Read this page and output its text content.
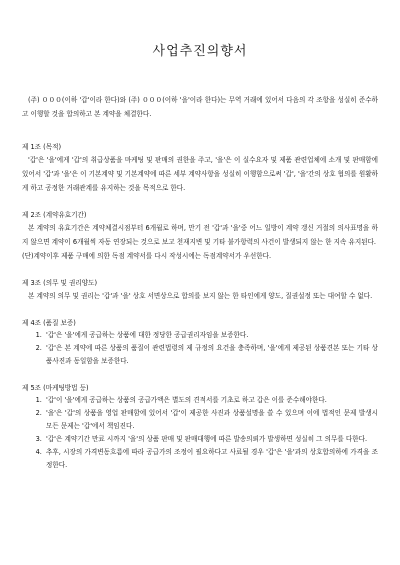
사업추진의향서

(주) ０００(이하 '갑'이라 한다)와 (주) ０００(이하 '을'이라 한다)는 무역 거래에 있어서 다음의 각 조항을 성실히 준수하고 이행할 것을 합의하고 본 계약을 체결한다.

제 1조 (목적)

'갑'은 '을'에게 '갑'의 취급상품을 마케팅 및 판매의 권한을 주고, '을'은 이 실수요자 및 제품 관련업체에 소개 및 판매함에 있어서 '갑'과 '을'은 이 기본계약 및 기본계약에 따른 세부 계약사항을 성실히 이행함으로써 '갑', '을'간의 상호 협의를 원활하게 하고 공정한 거래관계를 유지하는 것을 목적으로 한다.

제 2조 (계약유효기간)

본 계약의 유효기간은 계약체결시점부터 6개월로 하며, 만기 전 '갑'과 '을'중 어느 일방이 계약 갱신 거절의 의사표명을 하지 않으면 계약이 6개월씩 자동 연장되는 것으로 보고 천재지변 및 기타 불가항력의 사건이 발생되지 않는 한 지속 유지된다.

(단)계약이후 제품 구매에 의한 독점 계약서를 다시 작성시에는 독점계약서가 우선한다.

제 3조 (의무 및 권리양도)

본 계약의 의무 및 권리는 '갑'과 '을' 상호 서면상으로 합의를 보지 않는 한 타인에게 양도, 질권설정 또는 대여할 수 없다.

제 4조 (품질 보증)

1. '갑'은 '을'에게 공급하는 상품에 대한 정당한 공급권리자임을 보증한다.
2. '갑'은 본 계약에 따른 상품의 품질이 관련법령의 제 규정의 요건을 충족하며, '을'에게 제공된 상품견본 또는 기타 상품사진과 동일함을 보증한다.

제 5조 (마케팅방법 등)

1. '갑'이 '을'에게 공급하는 상품의 공급가액은 별도의 견적서를 기초로 하고 갑은 이를 준수해야한다.
2. '을'은 '갑'의 상품을 영업 판매함에 있어서 '갑'이 제공한 사진과 상품설명을 쓸 수 있으며 이에 법적인 문제 발생시 모든 문제는 '갑'에서 책임진다.
3. '갑'은 계약기간 만료 시까지 '을'의 상품 판매 및 판매대행에 따른 발송의뢰가 발생하면 성실히 그 의무를 다한다.
4. 추후, 시장의 가격변동흐름에 따라 공급가의 조정이 필요하다고 사료될 경우 '갑'은 '을'과의 상호합의하에 가격을 조정한다.
